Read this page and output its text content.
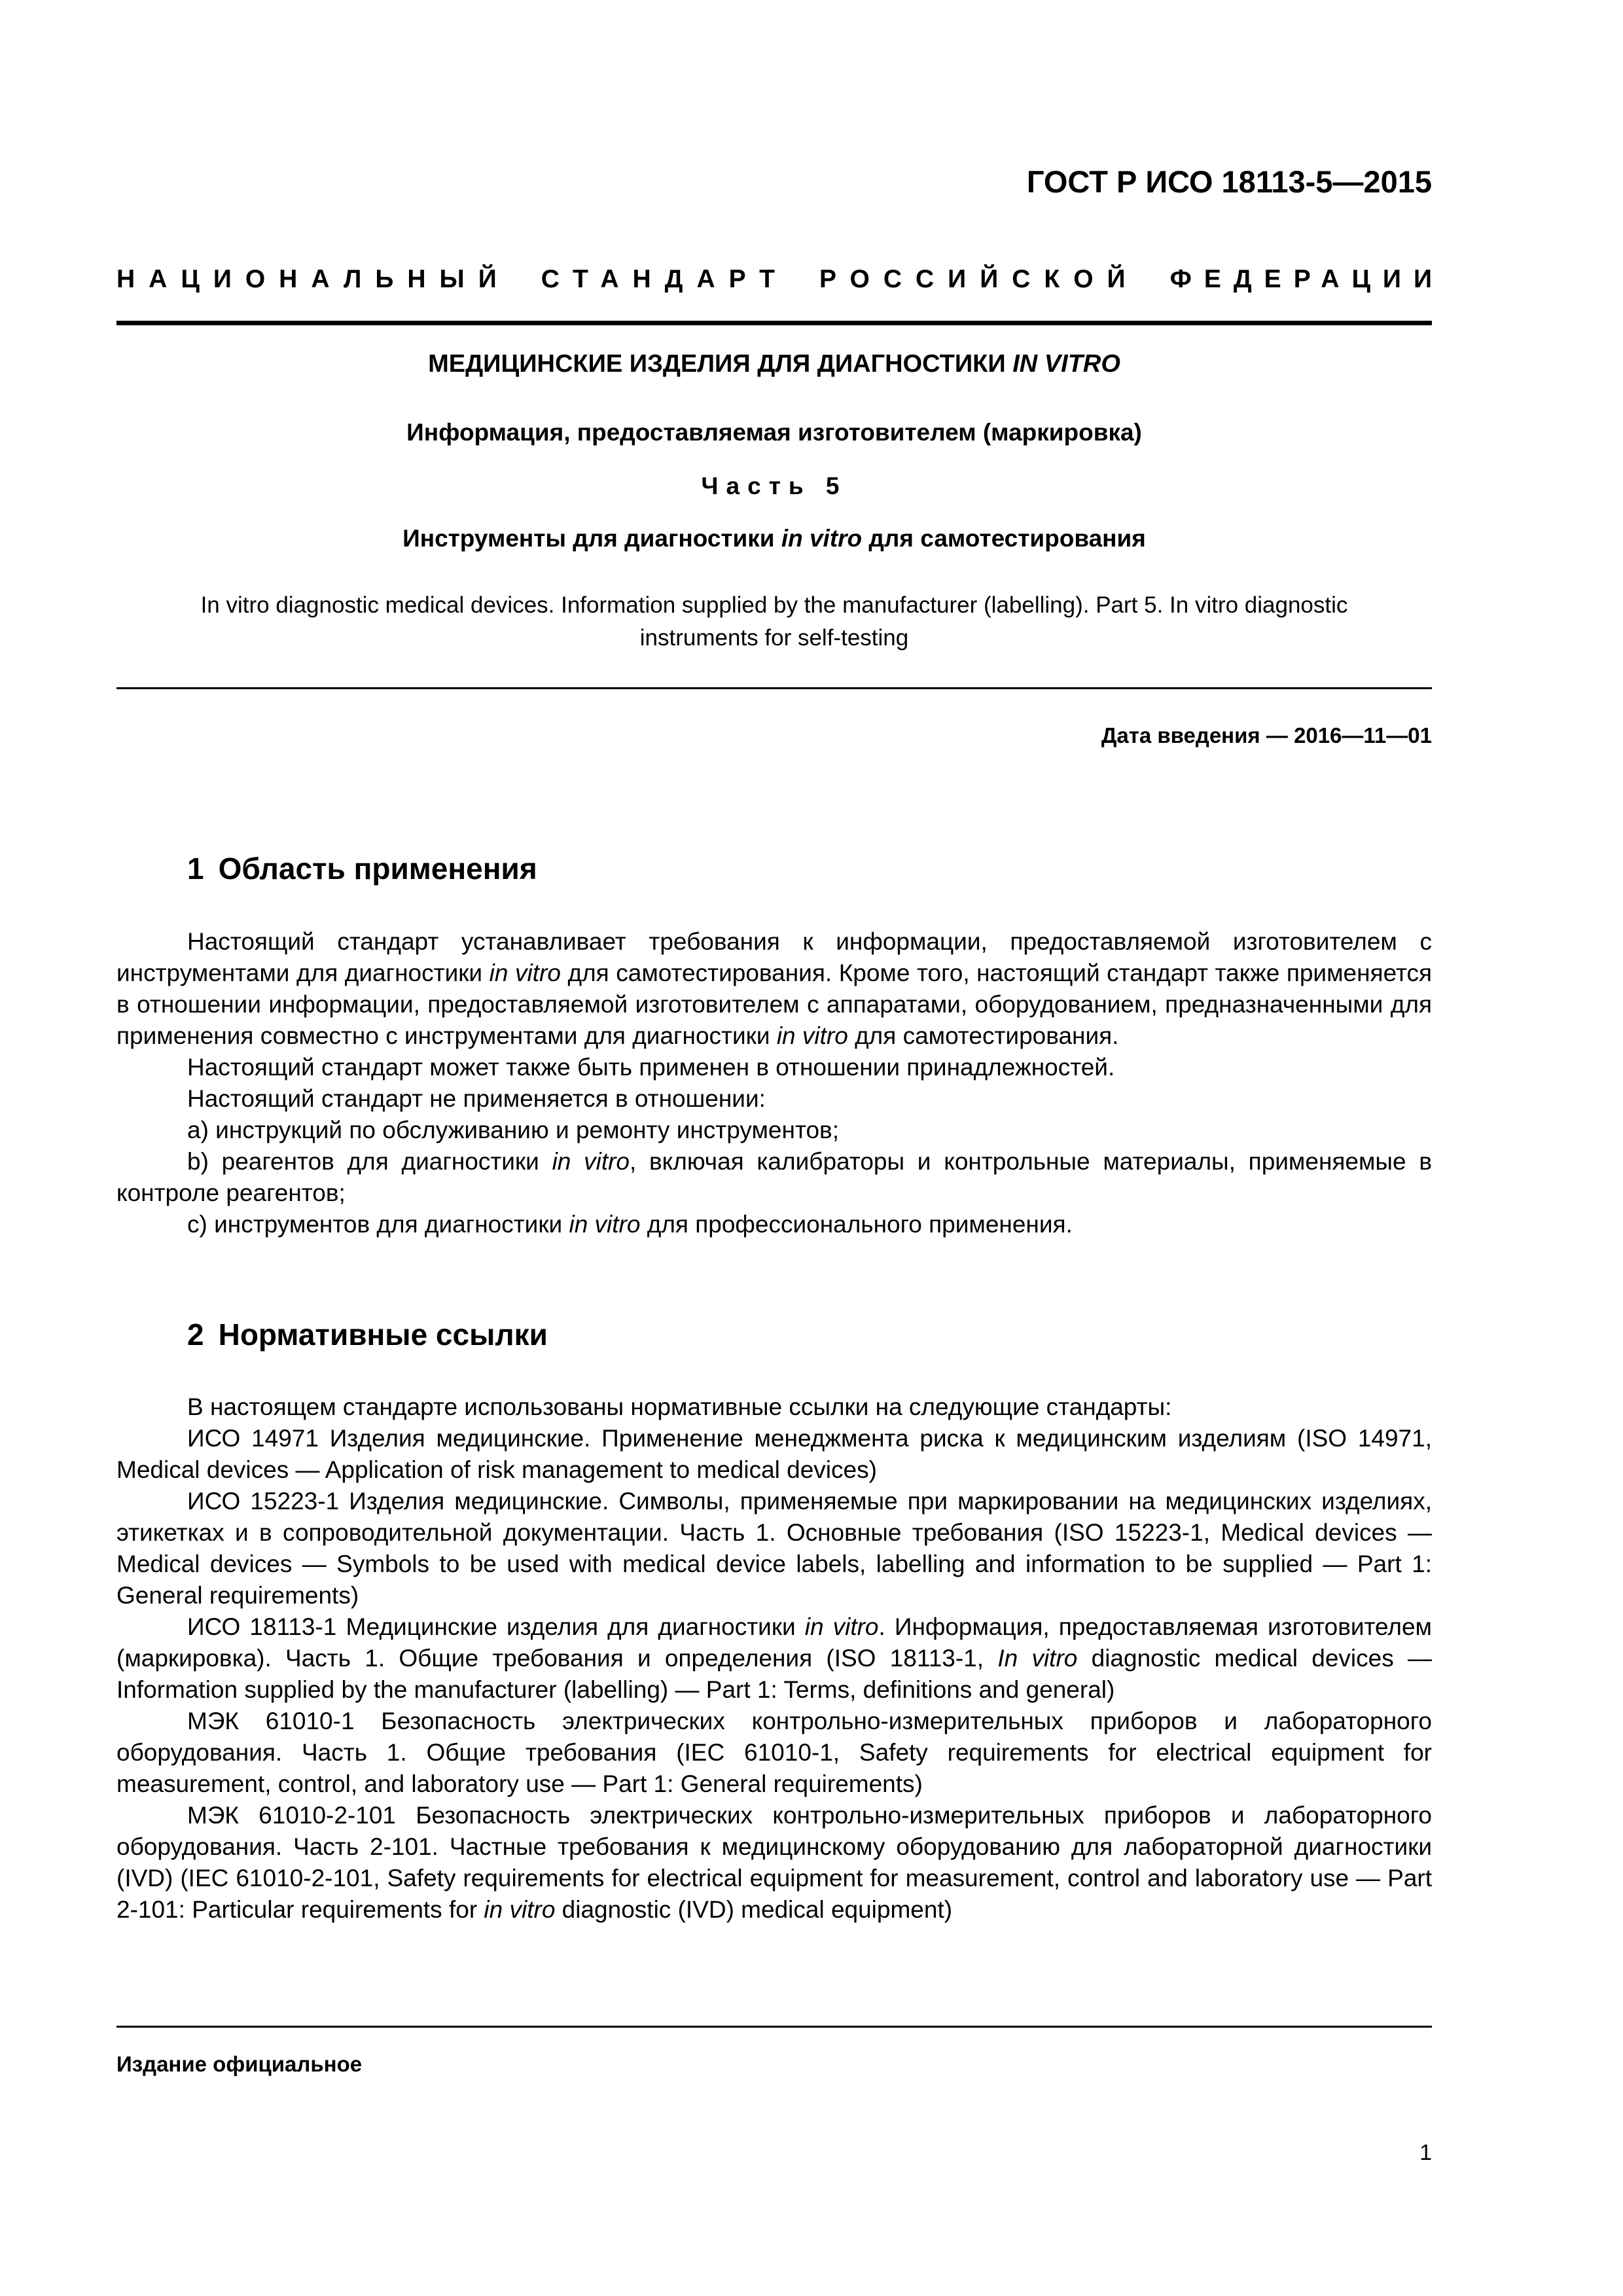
ГОСТ Р ИСО 18113-5—2015
НАЦИОНАЛЬНЫЙ СТАНДАРТ РОССИЙСКОЙ ФЕДЕРАЦИИ
МЕДИЦИНСКИЕ ИЗДЕЛИЯ ДЛЯ ДИАГНОСТИКИ IN VITRO
Информация, предоставляемая изготовителем (маркировка)
Часть 5
Инструменты для диагностики in vitro для самотестирования
In vitro diagnostic medical devices. Information supplied by the manufacturer (labelling). Part 5. In vitro diagnostic instruments for self-testing
Дата введения — 2016—11—01
1 Область применения

Настоящий стандарт устанавливает требования к информации, предоставляемой изготовителем с инструментами для диагностики in vitro для самотестирования. Кроме того, настоящий стандарт также применяется в отношении информации, предоставляемой изготовителем с аппаратами, оборудованием, предназначенными для применения совместно с инструментами для диагностики in vitro для самотестирования.

Настоящий стандарт может также быть применен в отношении принадлежностей.

Настоящий стандарт не применяется в отношении:

а) инструкций по обслуживанию и ремонту инструментов;

b) реагентов для диагностики in vitro, включая калибраторы и контрольные материалы, применяемые в контроле реагентов;

с) инструментов для диагностики in vitro для профессионального применения.

2 Нормативные ссылки

В настоящем стандарте использованы нормативные ссылки на следующие стандарты:

ИСО 14971 Изделия медицинские. Применение менеджмента риска к медицинским изделиям (ISO 14971, Medical devices — Application of risk management to medical devices)

ИСО 15223-1 Изделия медицинские. Символы, применяемые при маркировании на медицинских изделиях, этикетках и в сопроводительной документации. Часть 1. Основные требования (ISO 15223-1, Medical devices — Medical devices — Symbols to be used with medical device labels, labelling and information to be supplied — Part 1: General requirements)

ИСО 18113-1 Медицинские изделия для диагностики in vitro. Информация, предоставляемая изготовителем (маркировка). Часть 1. Общие требования и определения (ISO 18113-1, In vitro diagnostic medical devices — Information supplied by the manufacturer (labelling) — Part 1: Terms, definitions and general)

МЭК 61010-1 Безопасность электрических контрольно-измерительных приборов и лабораторного оборудования. Часть 1. Общие требования (IEC 61010-1, Safety requirements for electrical equipment for measurement, control, and laboratory use — Part 1: General requirements)

МЭК 61010-2-101 Безопасность электрических контрольно-измерительных приборов и лабораторного оборудования. Часть 2-101. Частные требования к медицинскому оборудованию для лабораторной диагностики (IVD) (IEC 61010-2-101, Safety requirements for electrical equipment for measurement, control and laboratory use — Part 2-101: Particular requirements for in vitro diagnostic (IVD) medical equipment)

Издание официальное
1
